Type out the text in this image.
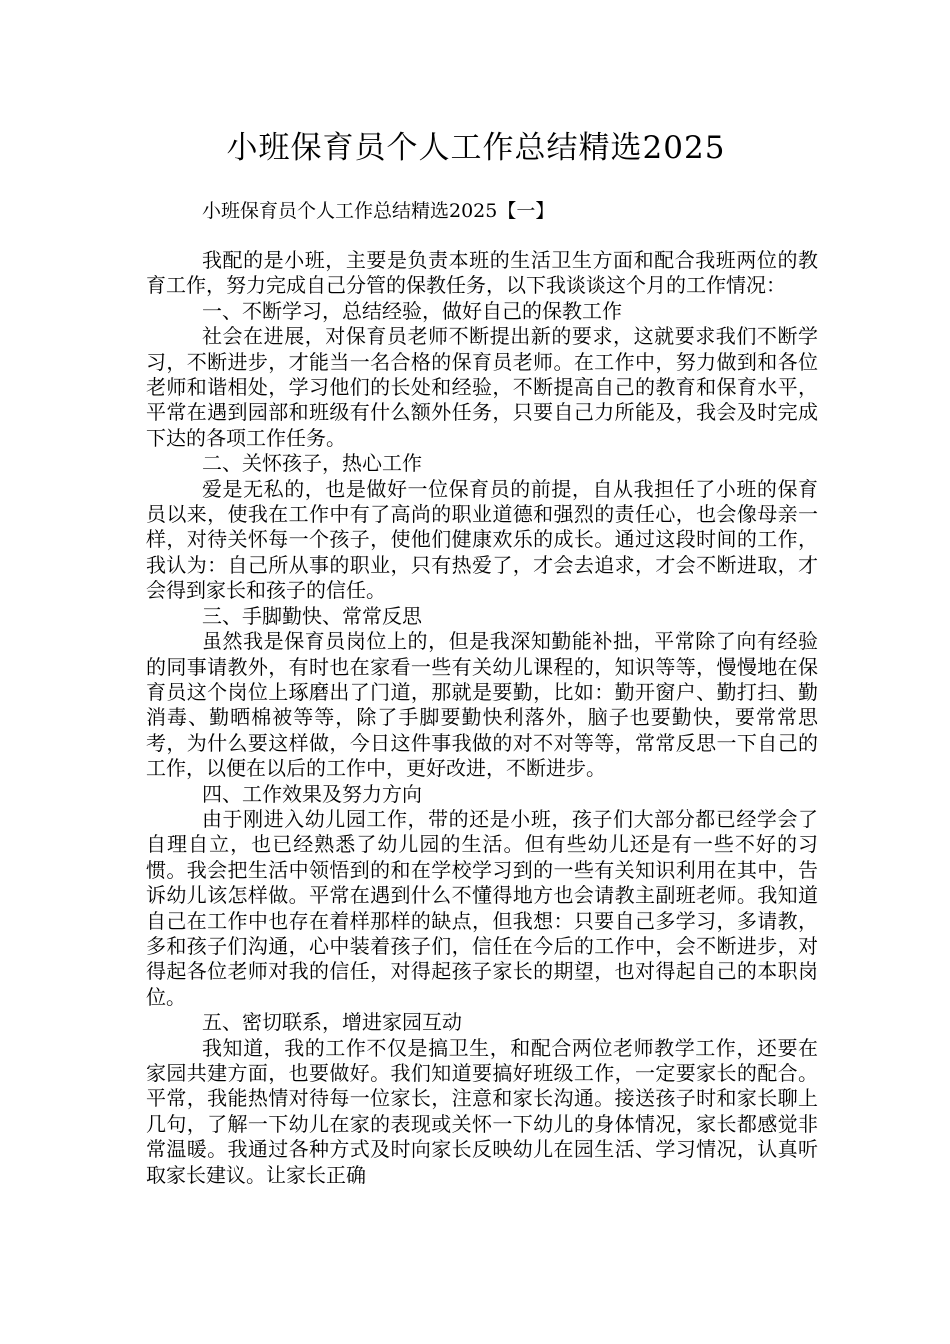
小班保育员个人工作总结精选2025
小班保育员个人工作总结精选2025【一】

我配的是小班，主要是负责本班的生活卫生方面和配合我班两位的教育工作，努力完成自己分管的保教任务，以下我谈谈这个月的工作情况：

一、不断学习，总结经验，做好自己的保教工作

社会在进展，对保育员老师不断提出新的要求，这就要求我们不断学习，不断进步，才能当一名合格的保育员老师。在工作中，努力做到和各位老师和谐相处，学习他们的长处和经验，不断提高自己的教育和保育水平，平常在遇到园部和班级有什么额外任务，只要自己力所能及，我会及时完成下达的各项工作任务。

二、关怀孩子，热心工作

爱是无私的，也是做好一位保育员的前提，自从我担任了小班的保育员以来，使我在工作中有了高尚的职业道德和强烈的责任心，也会像母亲一样，对待关怀每一个孩子，使他们健康欢乐的成长。通过这段时间的工作，我认为：自己所从事的职业，只有热爱了，才会去追求，才会不断进取，才会得到家长和孩子的信任。

三、手脚勤快、常常反思

虽然我是保育员岗位上的，但是我深知勤能补拙，平常除了向有经验的同事请教外，有时也在家看一些有关幼儿课程的，知识等等，慢慢地在保育员这个岗位上琢磨出了门道，那就是要勤，比如：勤开窗户、勤打扫、勤消毒、勤晒棉被等等，除了手脚要勤快利落外，脑子也要勤快，要常常思考，为什么要这样做，今日这件事我做的对不对等等，常常反思一下自己的工作，以便在以后的工作中，更好改进，不断进步。

四、工作效果及努力方向

由于刚进入幼儿园工作，带的还是小班，孩子们大部分都已经学会了自理自立，也已经熟悉了幼儿园的生活。但有些幼儿还是有一些不好的习惯。我会把生活中领悟到的和在学校学习到的一些有关知识利用在其中，告诉幼儿该怎样做。平常在遇到什么不懂得地方也会请教主副班老师。我知道自己在工作中也存在着样那样的缺点，但我想：只要自己多学习，多请教，多和孩子们沟通，心中装着孩子们，信任在今后的工作中，会不断进步，对得起各位老师对我的信任，对得起孩子家长的期望，也对得起自己的本职岗位。

五、密切联系，增进家园互动

我知道，我的工作不仅是搞卫生，和配合两位老师教学工作，还要在家园共建方面，也要做好。我们知道要搞好班级工作，一定要家长的配合。平常，我能热情对待每一位家长，注意和家长沟通。接送孩子时和家长聊上几句，了解一下幼儿在家的表现或关怀一下幼儿的身体情况，家长都感觉非常温暖。我通过各种方式及时向家长反映幼儿在园生活、学习情况，认真听取家长建议。让家长正确
